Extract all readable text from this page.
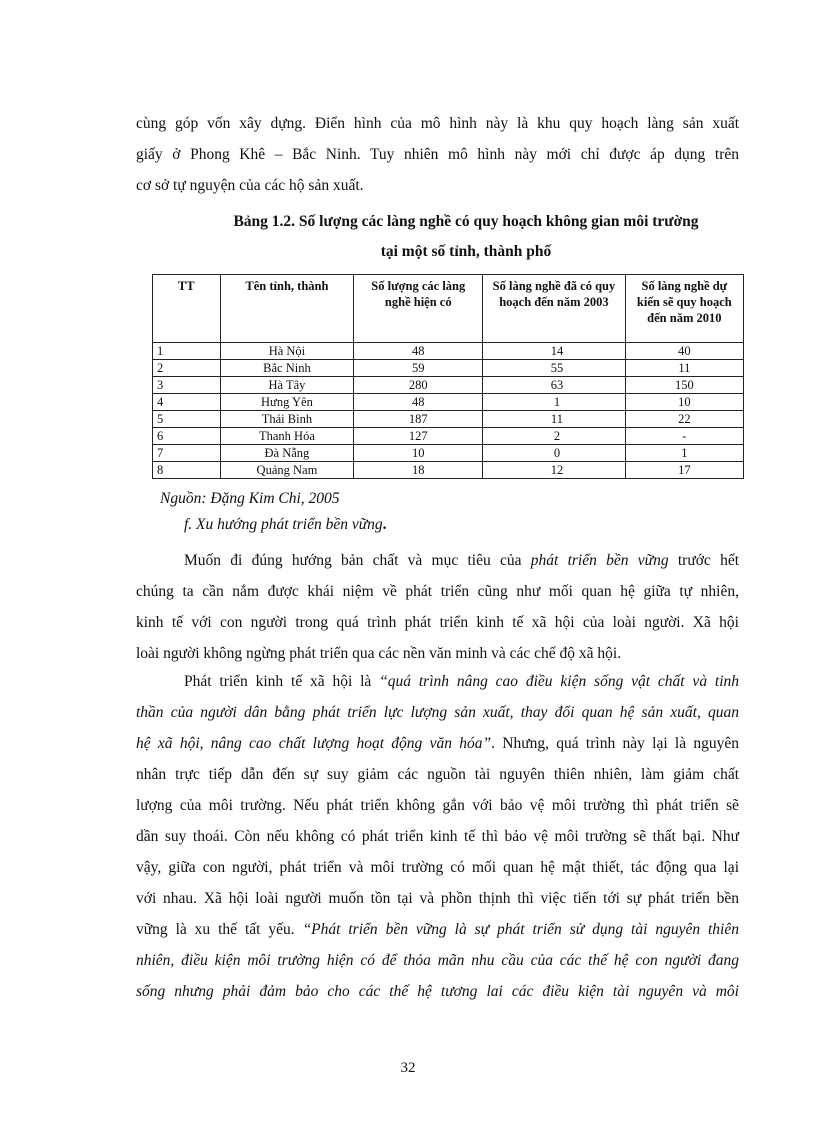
cùng góp vốn xây dựng. Điển hình của mô hình này là khu quy hoạch làng sản xuất
giấy ở Phong Khê – Bắc Ninh. Tuy nhiên mô hình này mới chỉ được áp dụng trên
cơ sở tự nguyện của các hộ sản xuất.
Bảng 1.2. Số lượng các làng nghề có quy hoạch không gian môi trường
tại một số tỉnh, thành phố
TT	Tên tỉnh, thành	Số lượng các làng nghề hiện có	Số làng nghề đã có quy hoạch đến năm 2003	Số làng nghề dự kiến sẽ quy hoạch đến năm 2010
1	Hà Nội	48	14	40
2	Bắc Ninh	59	55	11
3	Hà Tây	280	63	150
4	Hưng Yên	48	1	10
5	Thái Bình	187	11	22
6	Thanh Hóa	127	2	-
7	Đà Nẵng	10	0	1
8	Quảng Nam	18	12	17
Nguồn: Đặng Kim Chi, 2005
f. Xu hướng phát triển bền vững.
Muốn đi đúng hướng bản chất và mục tiêu của phát triển bền vững trước hết
chúng ta cần nắm được khái niệm về phát triển cũng như mối quan hệ giữa tự nhiên,
kinh tế với con người trong quá trình phát triển kinh tế xã hội của loài người. Xã hội
loài người không ngừng phát triển qua các nền văn minh và các chế độ xã hội.
Phát triển kinh tế xã hội là “quá trình nâng cao điều kiện sống vật chất và tinh
thần của người dân bằng phát triển lực lượng sản xuất, thay đổi quan hệ sản xuất, quan
hệ xã hội, nâng cao chất lượng hoạt động văn hóa”. Nhưng, quá trình này lại là nguyên
nhân trực tiếp dẫn đến sự suy giảm các nguồn tài nguyên thiên nhiên, làm giảm chất
lượng của môi trường. Nếu phát triển không gắn với bảo vệ môi trường thì phát triển sẽ
dần suy thoái. Còn nếu không có phát triển kinh tế thì bảo vệ môi trường sẽ thất bại. Như
vậy, giữa con người, phát triển và môi trường có mối quan hệ mật thiết, tác động qua lại
với nhau. Xã hội loài người muốn tồn tại và phồn thịnh thì việc tiến tới sự phát triển bền
vững là xu thế tất yếu. “Phát triển bền vững là sự phát triển sử dụng tài nguyên thiên
nhiên, điều kiện môi trường hiện có để thỏa mãn nhu cầu của các thế hệ con người đang
sống nhưng phải đảm bảo cho các thế hệ tương lai các điều kiện tài nguyên và môi
32
